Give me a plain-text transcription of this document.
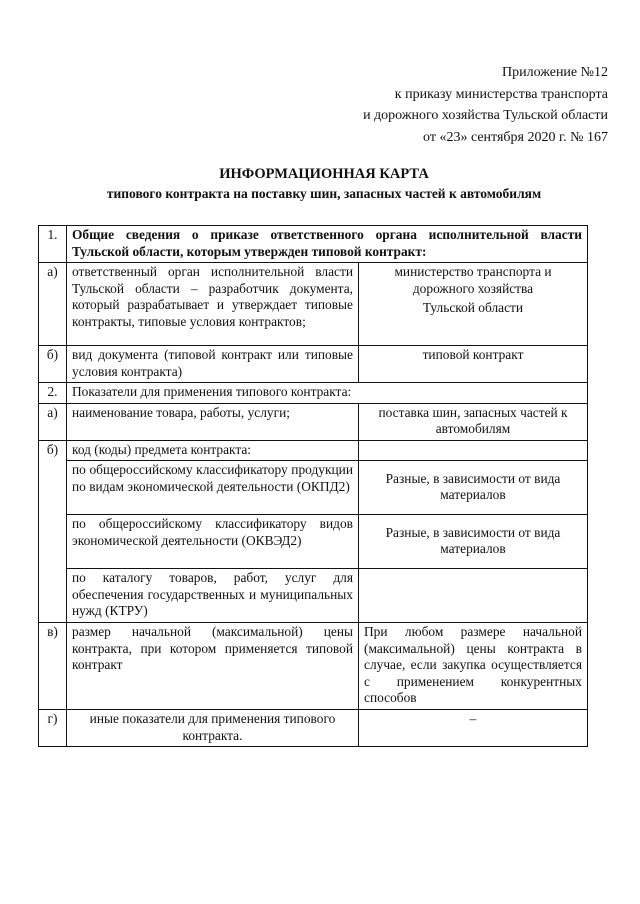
Приложение №12
к приказу министерства транспорта
и дорожного хозяйства Тульской области
от «23» сентября 2020 г. № 167
ИНФОРМАЦИОННАЯ КАРТА
типового контракта на поставку шин, запасных частей к автомобилям
1.	Общие сведения о приказе ответственного органа исполнительной власти Тульской области, которым утвержден типовой контракт:	
а)	ответственный орган исполнительной власти Тульской области – разработчик документа, который разрабатывает и утверждает типовые контракты, типовые условия контрактов;	министерство транспорта и
дорожного хозяйства
Тульской области

б)	вид документа (типовой контракт или типовые условия контракта)	типовой контракт
2.	Показатели для применения типового контракта:	
а)	наименование товара, работы, услуги;	поставка шин, запасных частей к автомобилям
б)	код (коды) предмета контракта:	
	по общероссийскому классификатору продукции по видам экономической деятельности (ОКПД2)	Разные, в зависимости от вида материалов
	по общероссийскому классификатору видов экономической деятельности (ОКВЭД2)	Разные, в зависимости от вида материалов
	по каталогу товаров, работ, услуг для обеспечения государственных и муниципальных нужд (КТРУ)	
в)	размер начальной (максимальной) цены контракта, при котором применяется типовой контракт	При любом размере начальной (максимальной) цены контракта в случае, если закупка осуществляется с применением конкурентных способов
г)	иные показатели для применения типового контракта.	–
